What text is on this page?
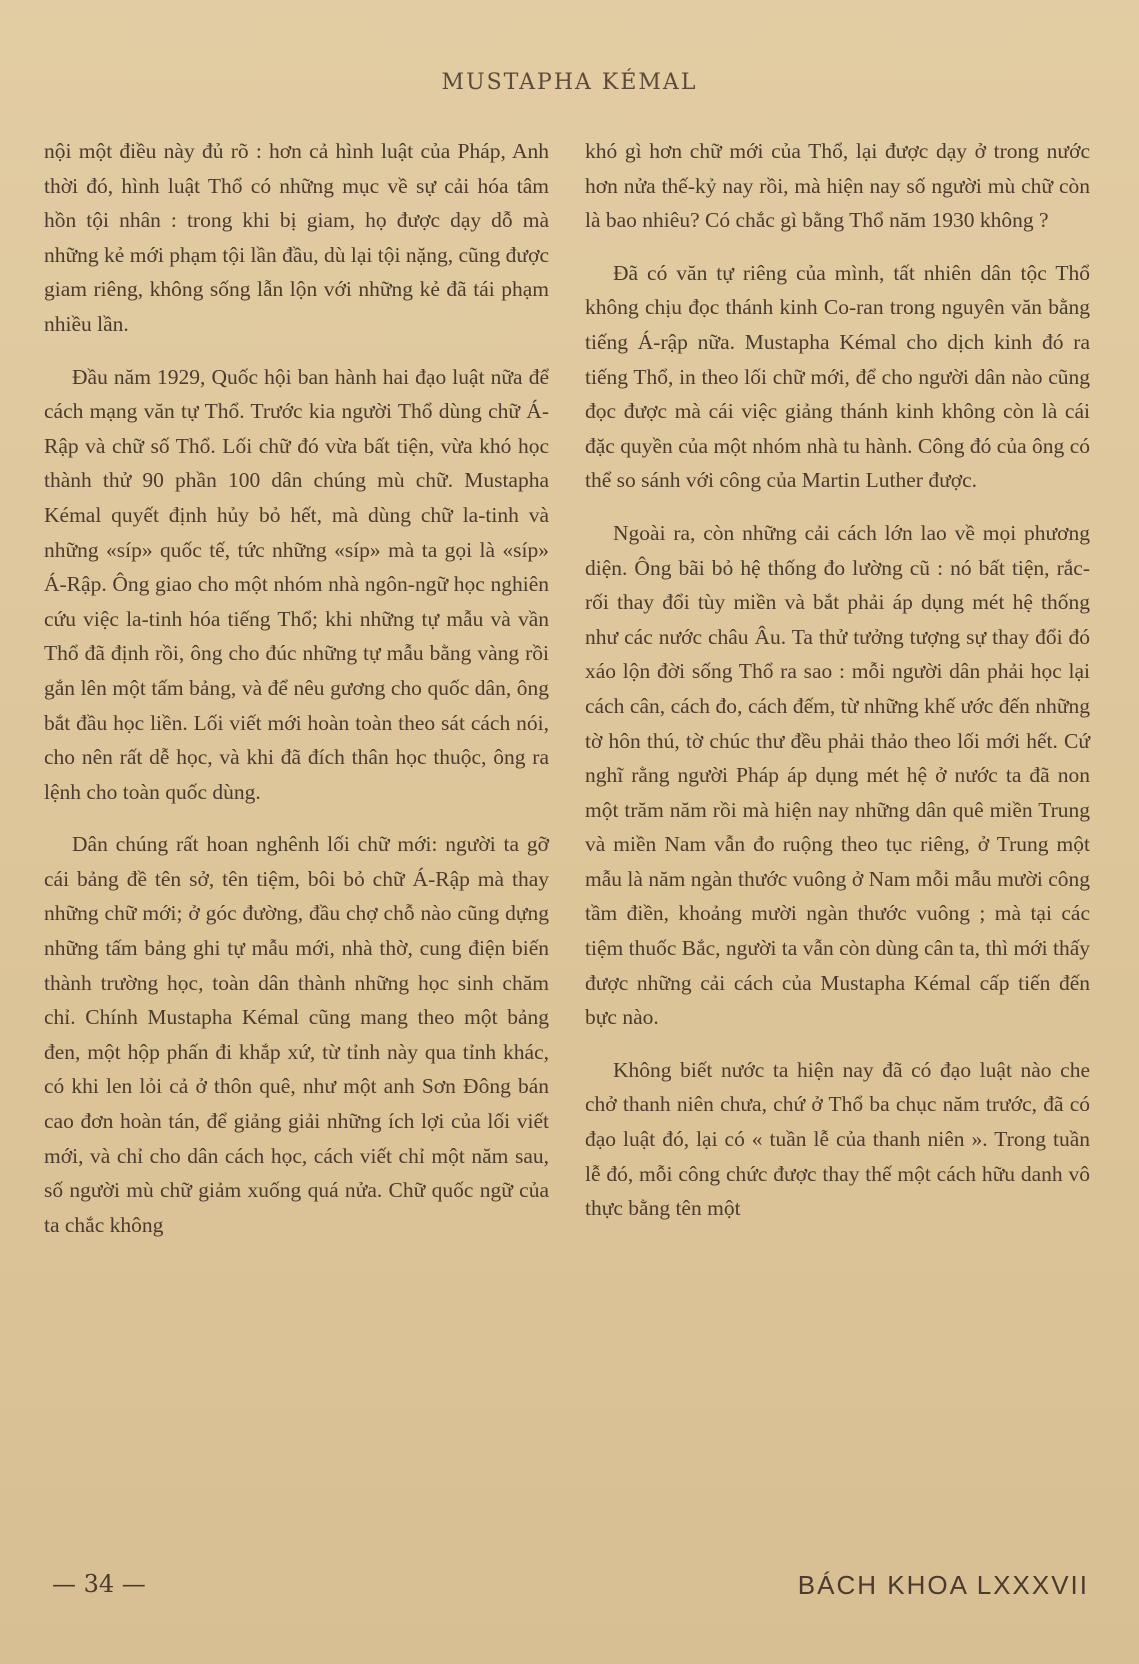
MUSTAPHA KÉMAL

nội một điều này đủ rõ : hơn cả hình luật của Pháp, Anh thời đó, hình luật Thổ có những mục về sự cải hóa tâm hồn tội nhân : trong khi bị giam, họ được dạy dỗ mà những kẻ mới phạm tội lần đầu, dù lại tội nặng, cũng được giam riêng, không sống lẫn lộn với những kẻ đã tái phạm nhiều lần.

Đầu năm 1929, Quốc hội ban hành hai đạo luật nữa để cách mạng văn tự Thổ. Trước kia người Thổ dùng chữ Á-Rập và chữ số Thổ. Lối chữ đó vừa bất tiện, vừa khó học thành thử 90 phần 100 dân chúng mù chữ. Mustapha Kémal quyết định hủy bỏ hết, mà dùng chữ la-tinh và những «síp» quốc tế, tức những «síp» mà ta gọi là «síp» Á-Rập. Ông giao cho một nhóm nhà ngôn-ngữ học nghiên cứu việc la-tinh hóa tiếng Thổ; khi những tự mẫu và vần Thổ đã định rồi, ông cho đúc những tự mẫu bằng vàng rồi gắn lên một tấm bảng, và để nêu gương cho quốc dân, ông bắt đầu học liền. Lối viết mới hoàn toàn theo sát cách nói, cho nên rất dễ học, và khi đã đích thân học thuộc, ông ra lệnh cho toàn quốc dùng.

Dân chúng rất hoan nghênh lối chữ mới: người ta gỡ cái bảng đề tên sở, tên tiệm, bôi bỏ chữ Á-Rập mà thay những chữ mới; ở góc đường, đầu chợ chỗ nào cũng dựng những tấm bảng ghi tự mẫu mới, nhà thờ, cung điện biến thành trường học, toàn dân thành những học sinh chăm chỉ. Chính Mustapha Kémal cũng mang theo một bảng đen, một hộp phấn đi khắp xứ, từ tỉnh này qua tỉnh khác, có khi len lỏi cả ở thôn quê, như một anh Sơn Đông bán cao đơn hoàn tán, để giảng giải những ích lợi của lối viết mới, và chỉ cho dân cách học, cách viết chỉ một năm sau, số người mù chữ giảm xuống quá nửa. Chữ quốc ngữ của ta chắc không

khó gì hơn chữ mới của Thổ, lại được dạy ở trong nước hơn nửa thế-kỷ nay rồi, mà hiện nay số người mù chữ còn là bao nhiêu? Có chắc gì bằng Thổ năm 1930 không ?

Đã có văn tự riêng của mình, tất nhiên dân tộc Thổ không chịu đọc thánh kinh Co-ran trong nguyên văn bằng tiếng Á-rập nữa. Mustapha Kémal cho dịch kinh đó ra tiếng Thổ, in theo lối chữ mới, để cho người dân nào cũng đọc được mà cái việc giảng thánh kinh không còn là cái đặc quyền của một nhóm nhà tu hành. Công đó của ông có thể so sánh với công của Martin Luther được.

Ngoài ra, còn những cải cách lớn lao về mọi phương diện. Ông bãi bỏ hệ thống đo lường cũ : nó bất tiện, rắc-rối thay đổi tùy miền và bắt phải áp dụng mét hệ thống như các nước châu Âu. Ta thử tưởng tượng sự thay đổi đó xáo lộn đời sống Thổ ra sao : mỗi người dân phải học lại cách cân, cách đo, cách đếm, từ những khế ước đến những tờ hôn thú, tờ chúc thư đều phải thảo theo lối mới hết. Cứ nghĩ rằng người Pháp áp dụng mét hệ ở nước ta đã non một trăm năm rồi mà hiện nay những dân quê miền Trung và miền Nam vẫn đo ruộng theo tục riêng, ở Trung một mẫu là năm ngàn thước vuông ở Nam mỗi mẫu mười công tầm điền, khoảng mười ngàn thước vuông ; mà tại các tiệm thuốc Bắc, người ta vẫn còn dùng cân ta, thì mới thấy được những cải cách của Mustapha Kémal cấp tiến đến bực nào.

Không biết nước ta hiện nay đã có đạo luật nào che chở thanh niên chưa, chứ ở Thổ ba chục năm trước, đã có đạo luật đó, lại có « tuần lễ của thanh niên ». Trong tuần lễ đó, mỗi công chức được thay thế một cách hữu danh vô thực bằng tên một

— 34 —	BÁCH KHOA LXXXVII
